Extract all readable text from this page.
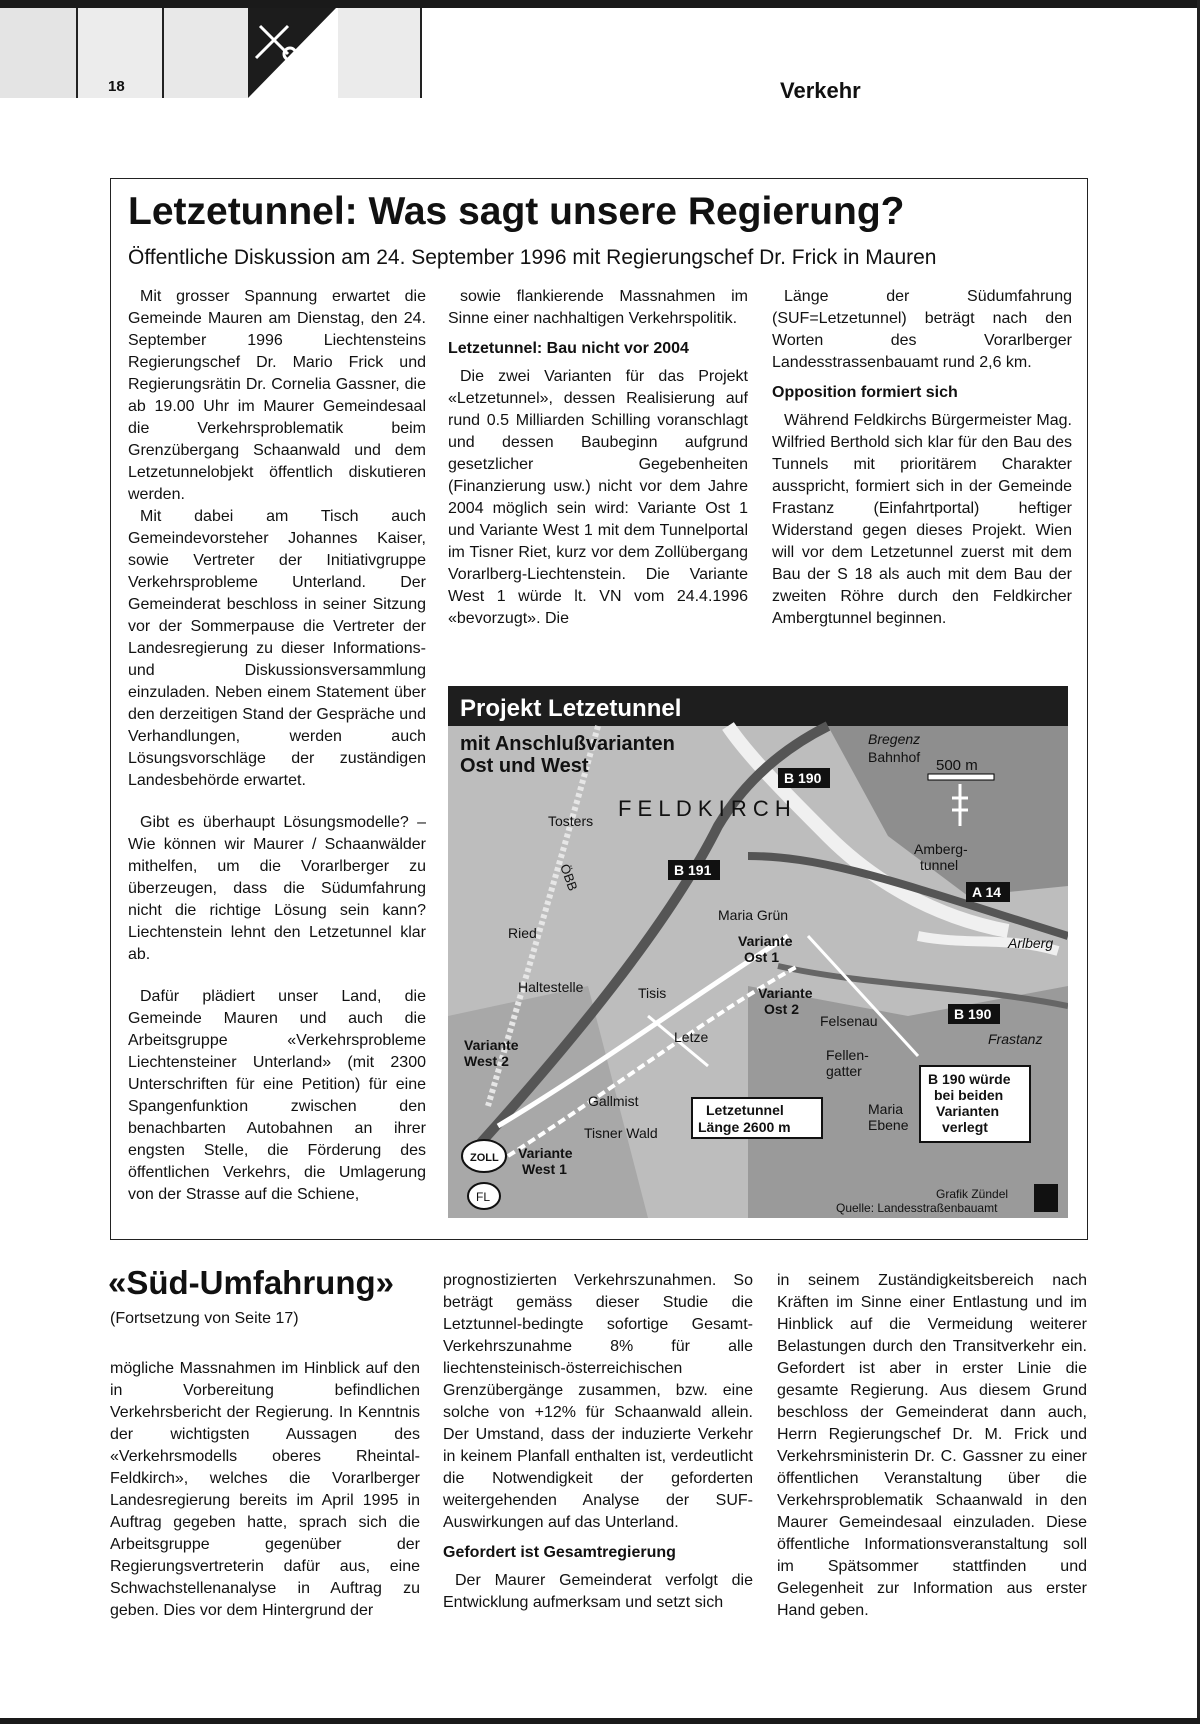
18	Verkehr
Letzetunnel: Was sagt unsere Regierung?
Öffentliche Diskussion am 24. September 1996 mit Regierungschef Dr. Frick in Mauren

Mit grosser Spannung erwartet die Gemeinde Mauren am Dienstag, den 24. September 1996 Liechtensteins Regierungschef Dr. Mario Frick und Regierungsrätin Dr. Cornelia Gassner, die ab 19.00 Uhr im Maurer Gemeindesaal die Verkehrsproblematik beim Grenzübergang Schaanwald und dem Letzetunnelobjekt öffentlich diskutieren werden.

Mit dabei am Tisch auch Gemeindevorsteher Johannes Kaiser, sowie Vertreter der Initiativgruppe Verkehrsprobleme Unterland. Der Gemeinderat beschloss in seiner Sitzung vor der Sommerpause die Vertreter der Landesregierung zu dieser Informations- und Diskussionsversammlung einzuladen. Neben einem Statement über den derzeitigen Stand der Gespräche und Verhandlungen, werden auch Lösungsvorschläge der zuständigen Landesbehörde erwartet.

Gibt es überhaupt Lösungsmodelle? – Wie können wir Maurer / Schaanwälder mithelfen, um die Vorarlberger zu überzeugen, dass die Südumfahrung nicht die richtige Lösung sein kann? Liechtenstein lehnt den Letzetunnel klar ab.

Dafür plädiert unser Land, die Gemeinde Mauren und auch die Arbeitsgruppe «Verkehrsprobleme Liechtensteiner Unterland» (mit 2300 Unterschriften für eine Petition) für eine Spangenfunktion zwischen den benachbarten Autobahnen an ihrer engsten Stelle, die Förderung des öffentlichen Verkehrs, die Umlagerung von der Strasse auf die Schiene,

sowie flankierende Massnahmen im Sinne einer nachhaltigen Verkehrspolitik.

Letzetunnel: Bau nicht vor 2004

Die zwei Varianten für das Projekt «Letzetunnel», dessen Realisierung auf rund 0.5 Milliarden Schilling voranschlagt und dessen Baubeginn aufgrund gesetzlicher Gegebenheiten (Finanzierung usw.) nicht vor dem Jahre 2004 möglich sein wird: Variante Ost 1 und Variante West 1 mit dem Tunnelportal im Tisner Riet, kurz vor dem Zollübergang Vorarlberg-Liechtenstein. Die Variante West 1 würde lt. VN vom 24.4.1996 «bevorzugt». Die

Länge der Südumfahrung (SUF=Letzetunnel) beträgt nach den Worten des Vorarlberger Landesstrassenbauamt rund 2,6 km.

Opposition formiert sich

Während Feldkirchs Bürgermeister Mag. Wilfried Berthold sich klar für den Bau des Tunnels mit prioritärem Charakter ausspricht, formiert sich in der Gemeinde Frastanz (Einfahrtportal) heftiger Widerstand gegen dieses Projekt. Wien will vor dem Letzetunnel zuerst mit dem Bau der S 18 als auch mit dem Bau der zweiten Röhre durch den Feldkircher Ambergtunnel beginnen.

Projekt Letzetunnel
mit Anschlußvarianten
Ost und West
F E L D K I R C H
Bregenz
Bahnhof
B 190
500 m
Tosters
ÖBB	B 191
Amberg-
tunnel
A 14
Maria Grün
Ried	Variante
Ost 1
Arlberg
Haltestelle	Tisis	Variante
Ost 2	B 190
Felsenau
Frastanz
Variante
West 2
Letze
Fellen-
gatter	B 190 würde
bei beiden
Varianten
verlegt
Gallmist
Letzetunnel
Länge 2600 m
Maria
Ebene
Tisner Wald
ZOLL Variante
West 1
FL	Grafik Zündel
Quelle: Landesstraßenbauamt
«Süd-Umfahrung»
(Fortsetzung von Seite 17)

mögliche Massnahmen im Hinblick auf den in Vorbereitung befindlichen Verkehrsbericht der Regierung. In Kenntnis der wichtigsten Aussagen des «Verkehrsmodells oberes Rheintal-Feldkirch», welches die Vorarlberger Landesregierung bereits im April 1995 in Auftrag gegeben hatte, sprach sich die Arbeitsgruppe gegenüber der Regierungsvertreterin dafür aus, eine Schwachstellenanalyse in Auftrag zu geben. Dies vor dem Hintergrund der

prognostizierten Verkehrszunahmen. So beträgt gemäss dieser Studie die Letztunnel-bedingte sofortige Gesamt-Verkehrszunahme 8% für alle liechtensteinisch-österreichischen Grenzübergänge zusammen, bzw. eine solche von +12% für Schaanwald allein. Der Umstand, dass der induzierte Verkehr in keinem Planfall enthalten ist, verdeutlicht die Notwendigkeit der geforderten weitergehenden Analyse der SUF-Auswirkungen auf das Unterland.

Gefordert ist Gesamtregierung

Der Maurer Gemeinderat verfolgt die Entwicklung aufmerksam und setzt sich

in seinem Zuständigkeitsbereich nach Kräften im Sinne einer Entlastung und im Hinblick auf die Vermeidung weiterer Belastungen durch den Transitverkehr ein. Gefordert ist aber in erster Linie die gesamte Regierung. Aus diesem Grund beschloss der Gemeinderat dann auch, Herrn Regierungschef Dr. M. Frick und Verkehrsministerin Dr. C. Gassner zu einer öffentlichen Veranstaltung über die Verkehrsproblematik Schaanwald in den Maurer Gemeindesaal einzuladen. Diese öffentliche Informationsveranstaltung soll im Spätsommer stattfinden und Gelegenheit zur Information aus erster Hand geben.
